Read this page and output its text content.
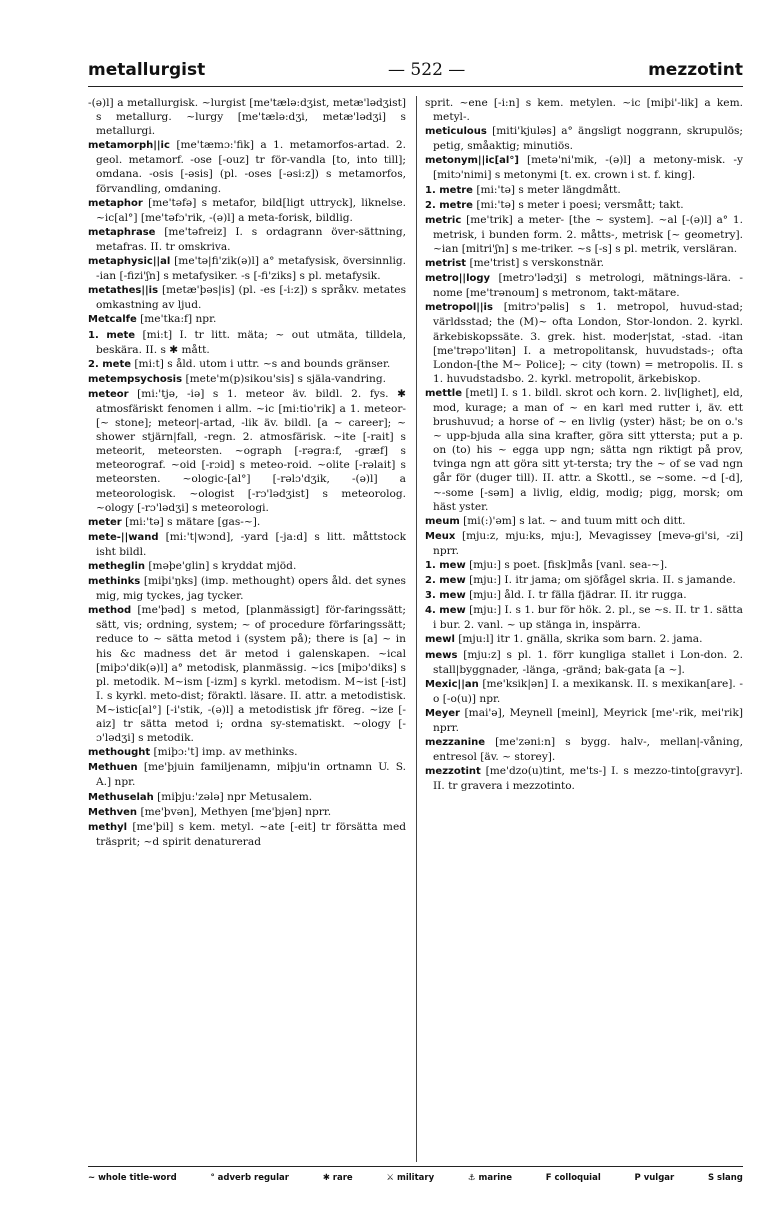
metallurgist	— 522 —	mezzotint

-(ə)l] a metallurgisk. ~lurgist [me'tælə:dʒist, metæ'lədʒist] s metallurg. ~lurgy [me'tælə:dʒi, metæ'lədʒi] s metallurgi.

metamorph||ic [me'tæmɔ:'fik] a 1. metamorfos-artad. 2. geol. metamorf. -ose [-ouz] tr för-vandla [to, into till]; omdana. -osis [-əsis] (pl. -oses [-əsi:z]) s metamorfos, förvandling, omdaning.

metaphor [me'təfə] s metafor, bild[ligt uttryck], liknelse. ~ic[al°] [me'təfɔ'rik, -(ə)l] a meta-forisk, bildlig.

metaphrase [me'təfreiz] I. s ordagrann över-sättning, metafras. II. tr omskriva.

metaphysic||al [me'tə|fi'zik(ə)l] a° metafysisk, översinnlig. -ian [-fizi'ʃn] s metafysiker. -s [-fi'ziks] s pl. metafysik.

metathes||is [metæ'þəs|is] (pl. -es [-i:z]) s språkv. metates omkastning av ljud.

Metcalfe [me'tka:f] npr.

1. mete [mi:t] I. tr litt. mäta; ~ out utmäta, tilldela, beskära. II. s ✱ mått.

2. mete [mi:t] s åld. utom i uttr. ~s and bounds gränser.

metempsychosis [mete'm(p)sikou'sis] s själa-vandring.

meteor [mi:'tjə, -iə] s 1. meteor äv. bildl. 2. fys. ✱ atmosfäriskt fenomen i allm. ~ic [mi:tio'rik] a 1. meteor- [~ stone]; meteor|-artad, -lik äv. bildl. [a ~ career]; ~ shower stjärn|fall, -regn. 2. atmosfärisk. ~ite [-rait] s meteorit, meteorsten. ~ograph [-rəgra:f, -græf] s meteorograf. ~oid [-rɔid] s meteo-roid. ~olite [-rəlait] s meteorsten. ~ologic-[al°] [-rəlɔ'dʒik, -(ə)l] a meteorologisk. ~ologist [-rɔ'lədʒist] s meteorolog. ~ology [-rɔ'lədʒi] s meteorologi.

meter [mi:'tə] s mätare [gas-~].

mete-||wand [mi:'t|wɔnd], -yard [-ja:d] s litt. måttstock isht bildl.

metheglin [məþe'glin] s kryddat mjöd.

methinks [miþi'ŋks] (imp. methought) opers åld. det synes mig, mig tyckes, jag tycker.

method [me'þəd] s metod, [planmässigt] för-faringssätt; sätt, vis; ordning, system; ~ of procedure förfaringssätt; reduce to ~ sätta metod i (system på); there is [a] ~ in his &c madness det är metod i galenskapen. ~ical [miþɔ'dik(ə)l] a° metodisk, planmässig. ~ics [miþɔ'diks] s pl. metodik. M~ism [-izm] s kyrkl. metodism. M~ist [-ist] I. s kyrkl. meto-dist; föraktl. läsare. II. attr. a metodistisk. M~istic[al°] [-i'stik, -(ə)l] a metodistisk jfr föreg. ~ize [-aiz] tr sätta metod i; ordna sy-stematiskt. ~ology [-ɔ'lədʒi] s metodik.

methought [miþɔ:'t] imp. av methinks.

Methuen [me'þjuin familjenamn, miþju'in ortnamn U. S. A.] npr.

Methuselah [miþju:'zələ] npr Metusalem.

Methven [me'þvən], Methyen [me'þjən] nprr.

methyl [me'þil] s kem. metyl. ~ate [-eit] tr försätta med träsprit; ~d spirit denaturerad

sprit. ~ene [-i:n] s kem. metylen. ~ic [miþi'-lik] a kem. metyl-.

meticulous [miti'kjuləs] a° ängsligt noggrann, skrupulös; petig, småaktig; minutiös.

metonym||ic[al°] [metə'ni'mik, -(ə)l] a metony-misk. -y [mitɔ'nimi] s metonymi [t. ex. crown i st. f. king].

1. metre [mi:'tə] s meter längdmått.

2. metre [mi:'tə] s meter i poesi; versmått; takt.

metric [me'trik] a meter- [the ~ system]. ~al [-(ə)l] a° 1. metrisk, i bunden form. 2. måtts-, metrisk [~ geometry]. ~ian [mitri'ʃn] s me-triker. ~s [-s] s pl. metrik, versläran.

metrist [me'trist] s verskonstnär.

metro||logy [metrɔ'lədʒi] s metrologi, mätnings-lära. -nome [me'trənoum] s metronom, takt-mätare.

metropol||is [mitrɔ'pəlis] s 1. metropol, huvud-stad; världsstad; the (M)~ ofta London, Stor-london. 2. kyrkl. ärkebiskopssäte. 3. grek. hist. moder|stat, -stad. -itan [me'trəpɔ'litən] I. a metropolitansk, huvudstads-; ofta London-[the M~ Police]; ~ city (town) = metropolis. II. s 1. huvudstadsbo. 2. kyrkl. metropolit, ärkebiskop.

mettle [metl] I. s 1. bildl. skrot och korn. 2. liv[lighet], eld, mod, kurage; a man of ~ en karl med rutter i, äv. ett brushuvud; a horse of ~ en livlig (yster) häst; be on o.'s ~ upp-bjuda alla sina krafter, göra sitt yttersta; put a p. on (to) his ~ egga upp ngn; sätta ngn riktigt på prov, tvinga ngn att göra sitt yt-tersta; try the ~ of se vad ngn går för (duger till). II. attr. a Skottl., se ~some. ~d [-d], ~-some [-səm] a livlig, eldig, modig; pigg, morsk; om häst yster.

meum [mi(:)'əm] s lat. ~ and tuum mitt och ditt.

Meux [mju:z, mju:ks, mju:], Mevagissey [mevə-gi'si, -zi] nprr.

1. mew [mju:] s poet. [fisk]mås [vanl. sea-~].

2. mew [mju:] I. itr jama; om sjöfågel skria. II. s jamande.

3. mew [mju:] åld. I. tr fälla fjädrar. II. itr rugga.

4. mew [mju:] I. s 1. bur för hök. 2. pl., se ~s. II. tr 1. sätta i bur. 2. vanl. ~ up stänga in, inspärra.

mewl [mju:l] itr 1. gnälla, skrika som barn. 2. jama.

mews [mju:z] s pl. 1. förr kungliga stallet i Lon-don. 2. stall|byggnader, -länga, -gränd; bak-gata [a ~].

Mexic||an [me'ksik|ən] I. a mexikansk. II. s mexikan[are]. -o [-o(u)] npr.

Meyer [mai'ə], Meynell [meinl], Meyrick [me'-rik, mei'rik] nprr.

mezzanine [me'zəni:n] s bygg. halv-, mellan|-våning, entresol [äv. ~ storey].

mezzotint [me'dzo(u)tint, me'ts-] I. s mezzo-tinto[gravyr]. II. tr gravera i mezzotinto.

~ whole title-word	° adverb regular	✱ rare	⚔ military	⚓ marine	F colloquial	P vulgar	S slang
